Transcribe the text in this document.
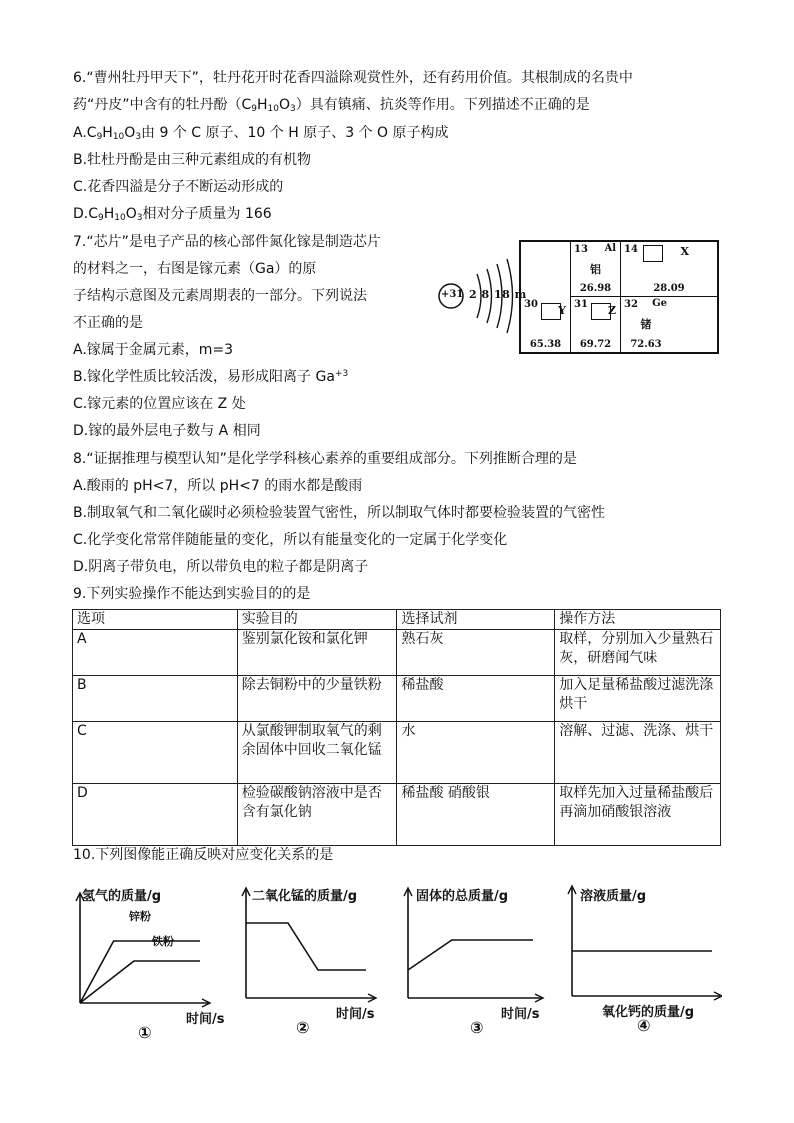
6.“曹州牡丹甲天下”，牡丹花开时花香四溢除观赏性外，还有药用价值。其根制成的名贵中
药“丹皮”中含有的牡丹酚$(C_9H_{10}O_3)$具有镇痛、抗炎等作用。下列描述不正确的是
$A.C_9H_{10}O_3$由 9 个 C 原子、10 个 H 原子、3 个 O 原子构成
B.牡杜丹酚是由三种元素组成的有机物
C.花香四溢是分子不断运动形成的
$D.C_9H_{10}O_3$相对分子质量为 166
7.“芯片”是电子产品的核心部件氮化镓是制造芯片
的材料之一，右图是镓元素（Ga）的原
子结构示意图及元素周期表的一部分。下列说法
不正确的是
A.镓属于金属元素，m=3
B.镓化学性质比较活泼，易形成阳离子 $Ga^{+3}$
C.镓元素的位置应该在 Z 处
D.镓的最外层电子数与 A 相同
+31 2 8 18 m
13 Al
铝
26.98
14	X
28.09
30 Y
65.38
31 Z
69.72
32 Ge
锗
72.63
8.“证据推理与模型认知”是化学学科核心素养的重要组成部分。下列推断合理的是
A.酸雨的 pH<7，所以 pH<7 的雨水都是酸雨
B.制取氧气和二氧化碳时必须检验装置气密性，所以制取气体时都要检验装置的气密性
C.化学变化常常伴随能量的变化，所以有能量变化的一定属于化学变化
D.阴离子带负电，所以带负电的粒子都是阴离子
9.下列实验操作不能达到实验目的的是
选项	实验目的	选择试剂	操作方法
A	鉴别氯化铵和氯化钾	熟石灰	取样，分别加入少量熟石灰，研磨闻气味
B	除去铜粉中的少量铁粉	稀盐酸	加入足量稀盐酸过滤洗涤烘干
C	从氯酸钾制取氧气的剩余固体中回收二氧化锰	水	溶解、过滤、洗涤、烘干
D	检验碳酸钠溶液中是否含有氯化钠	稀盐酸 硝酸银	取样先加入过量稀盐酸后再滴加硝酸银溶液
10.下列图像能正确反映对应变化关系的是
氢气的质量/g
锌粉
铁粉
时间/s
①
二氧化锰的质量/g
时间/s
②
固体的总质量/g
时间/s
③
溶液质量/g
氧化钙的质量/g
④
